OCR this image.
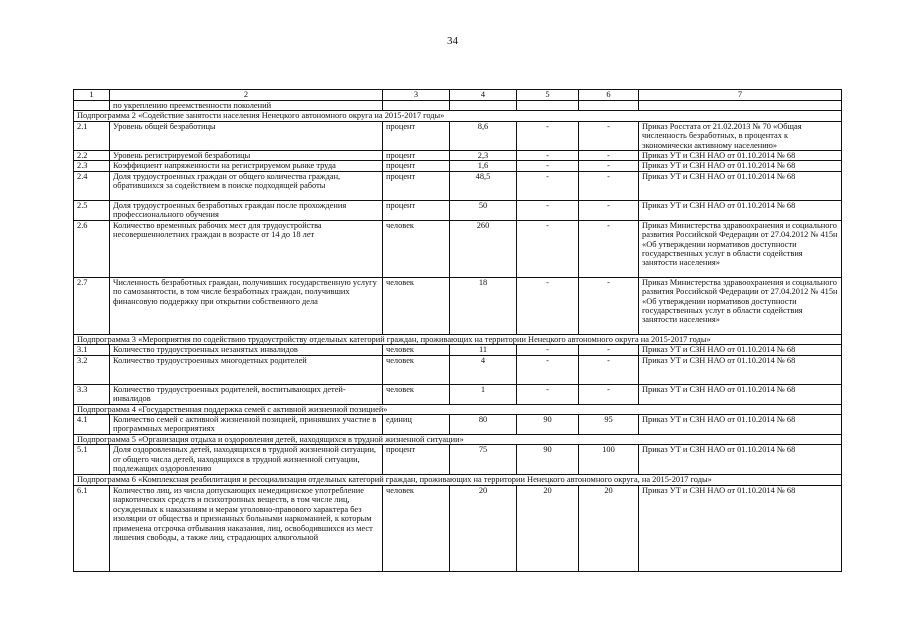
34
1	2	3	4	5	6	7
	по укреплению преемственности поколений					
Подпрограмма 2 «Содействие занятости населения Ненецкого автономного округа на 2015-2017 годы»						
2.1	Уровень общей безработицы	процент	8,6	-	-	Приказ Росстата от 21.02.2013 № 70 «Общая численность безработных, в процентах к экономически активному населению»
2.2	Уровень регистрируемой безработицы	процент	2,3	-	-	Приказ УТ и СЗН НАО от 01.10.2014 № 68
2.3	Коэффициент напряженности на регистрируемом рынке труда	процент	1,6	-	-	Приказ УТ и СЗН НАО от 01.10.2014 № 68
2.4	Доля трудоустроенных граждан от общего количества граждан, обратившихся за содействием в поиске подходящей работы	процент	48,5	-	-	Приказ УТ и СЗН НАО от 01.10.2014 № 68
2.5	Доля трудоустроенных безработных граждан после прохождения профессионального обучения	процент	50	-	-	Приказ УТ и СЗН НАО от 01.10.2014 № 68
2.6	Количество временных рабочих мест для трудоустройства несовершеннолетних граждан в возрасте от 14 до 18 лет	человек	260	-	-	Приказ Министерства здравоохранения и социального развития Российской Федерации от 27.04.2012 № 415н «Об утверждении нормативов доступности государственных услуг в области содействия занятости населения»
2.7	Численность безработных граждан, получивших государственную услугу по самозанятости, в том числе безработных граждан, получивших финансовую поддержку при открытии собственного дела	человек	18	-	-	Приказ Министерства здравоохранения и социального развития Российской Федерации от 27.04.2012 № 415н «Об утверждении нормативов доступности государственных услуг в области содействия занятости населения»
Подпрограмма 3 «Мероприятия по содействию трудоустройству отдельных категорий граждан, проживающих на территории Ненецкого автономного округа на 2015-2017 годы»						
3.1	Количество трудоустроенных незанятых инвалидов	человек	11	-	-	Приказ УТ и СЗН НАО от 01.10.2014 № 68
3.2	Количество трудоустроенных многодетных родителей	человек	4	-	-	Приказ УТ и СЗН НАО от 01.10.2014 № 68
3.3	Количество трудоустроенных родителей, воспитывающих детей-инвалидов	человек	1	-	-	Приказ УТ и СЗН НАО от 01.10.2014 № 68
Подпрограмма 4 «Государственная поддержка семей с активной жизненной позицией»						
4.1	Количество семей с активной жизненной позицией, принявших участие в программных мероприятиях	единиц	80	90	95	Приказ УТ и СЗН НАО от 01.10.2014 № 68
Подпрограмма 5 «Организация отдыха и оздоровления детей, находящихся в трудной жизненной ситуации»						
5.1	Доля оздоровленных детей, находящихся в трудной жизненной ситуации, от общего числа детей, находящихся в трудной жизненной ситуации, подлежащих оздоровлению	процент	75	90	100	Приказ УТ и СЗН НАО от 01.10.2014 № 68
Подпрограмма 6 «Комплексная реабилитация и ресоциализация отдельных категорий граждан, проживающих на территории Ненецкого автономного округа, на 2015-2017 годы»						
6.1	Количество лиц, из числа допускающих немедицинское употребление наркотических средств и психотропных веществ, в том числе лиц, осужденных к наказаниям и мерам уголовно-правового характера без изоляции от общества и признанных больными наркоманией, к которым применена отсрочка отбывания наказания, лиц, освободившихся из мест лишения свободы, а также лиц, страдающих алкогольной	человек	20	20	20	Приказ УТ и СЗН НАО от 01.10.2014 № 68
